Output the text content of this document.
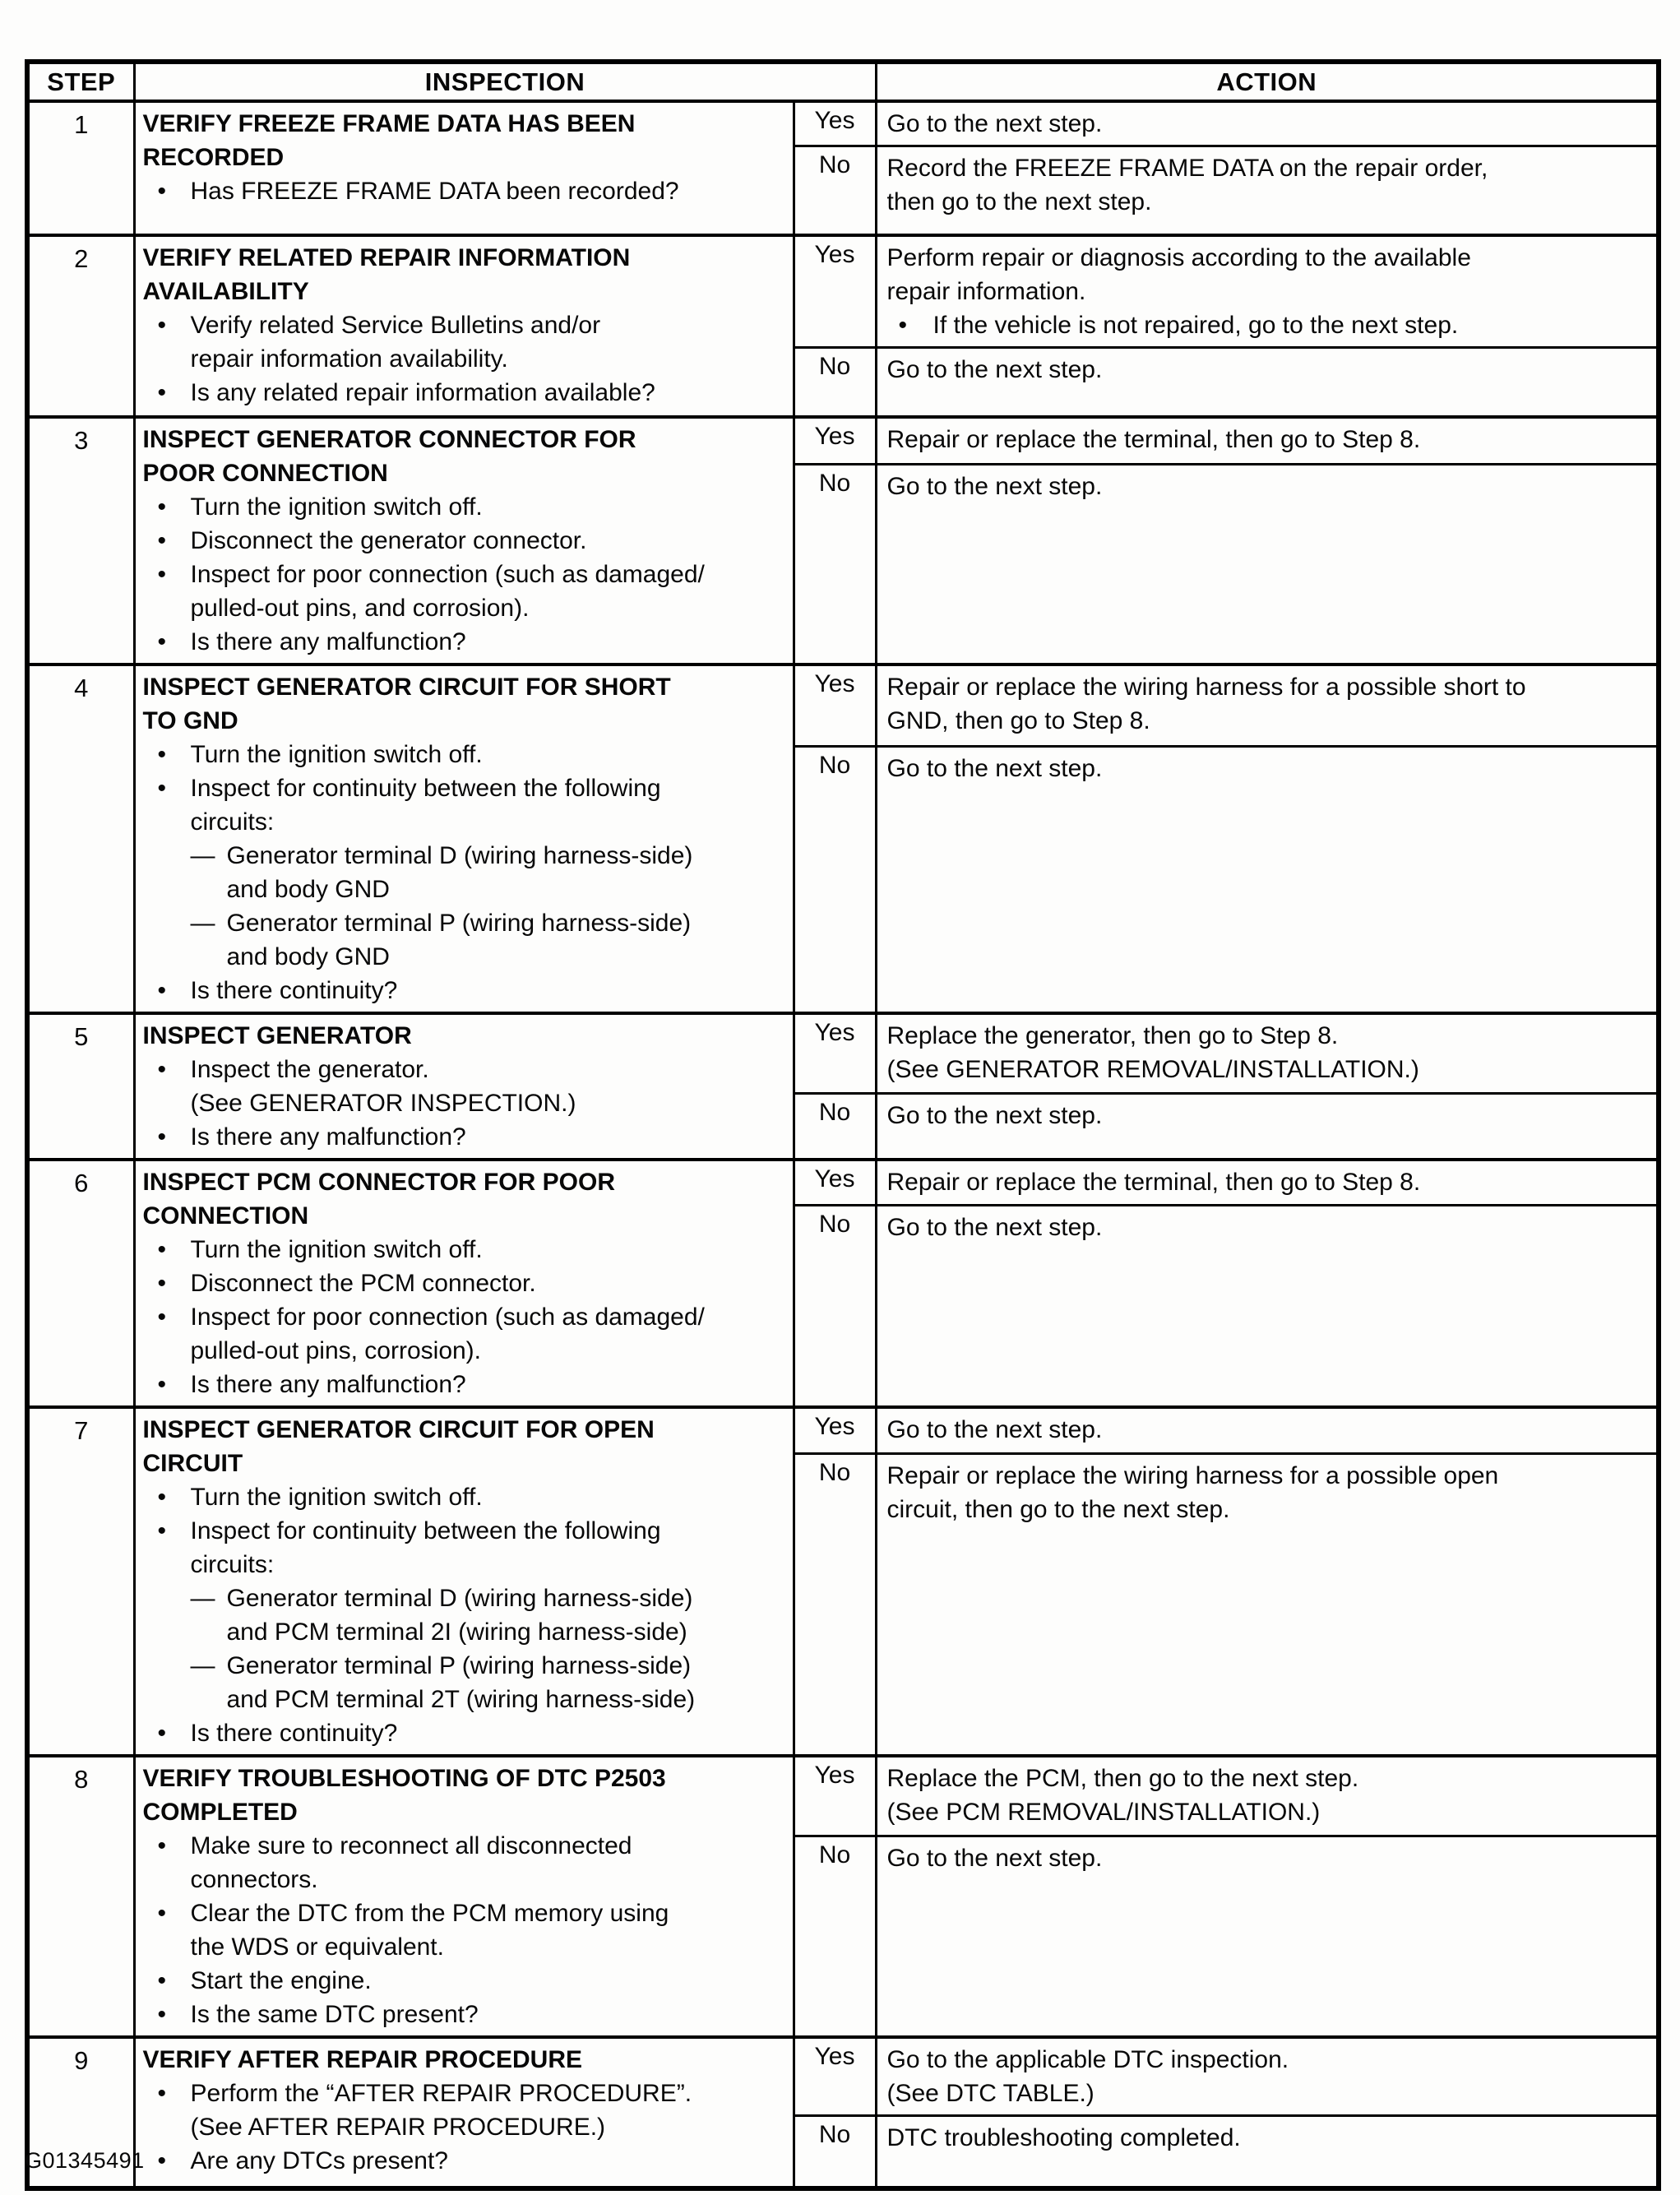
STEP	INSPECTION		ACTION
1	VERIFY FREEZE FRAME DATA HAS BEEN
RECORDED
• Has FREEZE FRAME DATA been recorded?
	Yes	Go to the next step.

No	Record the FREEZE FRAME DATA on the repair order,
then go to the next step.

2	VERIFY RELATED REPAIR INFORMATION
AVAILABILITY
• Verify related Service Bulletins and/or
repair information availability.
• Is any related repair information available?
	Yes	Perform repair or diagnosis according to the available
repair information.
•	If the vehicle is not repaired, go to the next step.

No	Go to the next step.

3	INSPECT GENERATOR CONNECTOR FOR
POOR CONNECTION
• Turn the ignition switch off.
• Disconnect the generator connector.
• Inspect for poor connection (such as damaged/
pulled-out pins, and corrosion).
• Is there any malfunction?
	Yes	Repair or replace the terminal, then go to Step 8.

No	Go to the next step.

4	INSPECT GENERATOR CIRCUIT FOR SHORT
TO GND
• Turn the ignition switch off.
• Inspect for continuity between the following
circuits:
— Generator terminal D (wiring harness-side)
and body GND
— Generator terminal P (wiring harness-side)
and body GND
• Is there continuity?
	Yes	Repair or replace the wiring harness for a possible short to
GND, then go to Step 8.

No	Go to the next step.

5	INSPECT GENERATOR
• Inspect the generator.
(See GENERATOR INSPECTION.)
• Is there any malfunction?
	Yes	Replace the generator, then go to Step 8.
(See GENERATOR REMOVAL/INSTALLATION.)

No	Go to the next step.

6	INSPECT PCM CONNECTOR FOR POOR
CONNECTION
• Turn the ignition switch off.
• Disconnect the PCM connector.
• Inspect for poor connection (such as damaged/
pulled-out pins, corrosion).
• Is there any malfunction?
	Yes	Repair or replace the terminal, then go to Step 8.

No	Go to the next step.

7	INSPECT GENERATOR CIRCUIT FOR OPEN
CIRCUIT
• Turn the ignition switch off.
• Inspect for continuity between the following
circuits:
— Generator terminal D (wiring harness-side)
and PCM terminal 2I (wiring harness-side)
— Generator terminal P (wiring harness-side)
and PCM terminal 2T (wiring harness-side)
• Is there continuity?
	Yes	Go to the next step.

No	Repair or replace the wiring harness for a possible open
circuit, then go to the next step.

8	VERIFY TROUBLESHOOTING OF DTC P2503
COMPLETED
• Make sure to reconnect all disconnected
connectors.
• Clear the DTC from the PCM memory using
the WDS or equivalent.
• Start the engine.
• Is the same DTC present?
	Yes	Replace the PCM, then go to the next step.
(See PCM REMOVAL/INSTALLATION.)

No	Go to the next step.

9	VERIFY AFTER REPAIR PROCEDURE
• Perform the “AFTER REPAIR PROCEDURE”.
(See AFTER REPAIR PROCEDURE.)
• Are any DTCs present?
	Yes	Go to the applicable DTC inspection.
(See DTC TABLE.)

No	DTC troubleshooting completed.
G01345491
